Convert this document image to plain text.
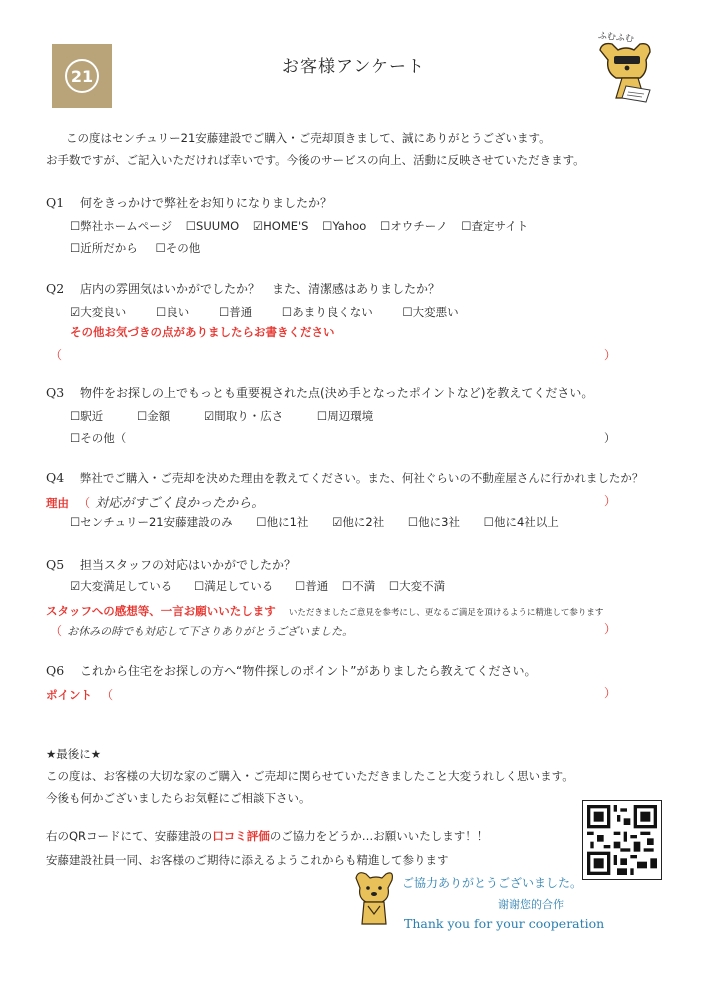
21	お客様アンケート
ふむふむ
この度はセンチュリー21安藤建設でご購入・ご売却頂きまして、誠にありがとうございます。
お手数ですが、ご記入いただければ幸いです。今後のサービスの向上、活動に反映させていただきます。
Q1 何をきっかけで弊社をお知りになりましたか？
☐弊社ホームページ ☐SUUMO ☑HOME'S ☐Yahoo ☐オウチーノ ☐査定サイト
☐近所だから ☐その他
Q2 店内の雰囲気はいかがでしたか？　また、清潔感はありましたか？
☑大変良い	☐良い	☐普通	☐あまり良くない	☐大変悪い
その他お気づきの点がありましたらお書きください
（	）
Q3 物件をお探しの上でもっとも重要視された点(決め手となったポイントなど)を教えてください。
☐駅近	☐金額	☑間取り・広さ	☐周辺環境
☐その他（	）
Q4 弊社でご購入・ご売却を決めた理由を教えてください。また、何社ぐらいの不動産屋さんに行かれましたか？
理由 （ 対応がすごく良かったから。	）
☐センチュリー21安藤建設のみ ☐他に1社 ☑他に2社 ☐他に3社 ☐他に4社以上
Q5 担当スタッフの対応はいかがでしたか？
☑大変満足している ☐満足している ☐普通 ☐不満 ☐大変不満
スタッフへの感想等、一言お願いいたします いただきましたご意見を参考にし、更なるご満足を頂けるように精進して参ります
（ お休みの時でも対応して下さりありがとうございました。	）
Q6 これから住宅をお探しの方へ“物件探しのポイント”がありましたら教えてください。
ポイント （	）
★最後に★
この度は、お客様の大切な家のご購入・ご売却に関らせていただきましたこと大変うれしく思います。
今後も何かございましたらお気軽にご相談下さい。
右のQRコードにて、安藤建設の口コミ評価のご協力をどうか…お願いいたします！！
安藤建設社員一同、お客様のご期待に添えるようこれからも精進して参ります
ご協力ありがとうございました。
谢谢您的合作
Thank you for your cooperation
